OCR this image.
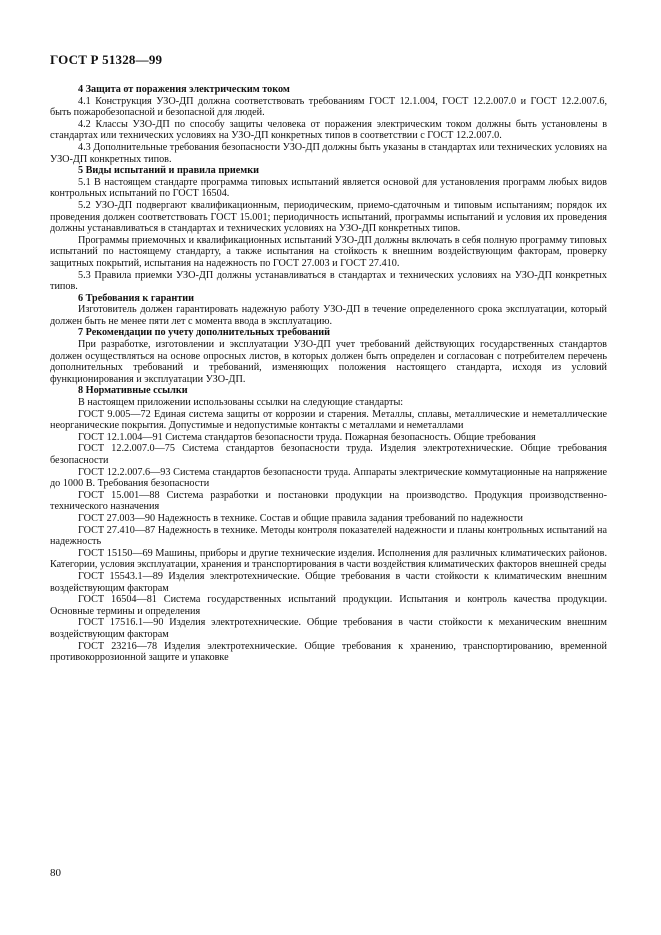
ГОСТ Р 51328—99

4 Защита от поражения электрическим током

4.1 Конструкция УЗО-ДП должна соответствовать требованиям ГОСТ 12.1.004, ГОСТ 12.2.007.0 и ГОСТ 12.2.007.6, быть пожаробезопасной и безопасной для людей.

4.2 Классы УЗО-ДП по способу защиты человека от поражения электрическим током должны быть установлены в стандартах или технических условиях на УЗО-ДП конкретных типов в соответствии с ГОСТ 12.2.007.0.

4.3 Дополнительные требования безопасности УЗО-ДП должны быть указаны в стандартах или технических условиях на УЗО-ДП конкретных типов.

5 Виды испытаний и правила приемки

5.1 В настоящем стандарте программа типовых испытаний является основой для установления программ любых видов контрольных испытаний по ГОСТ 16504.

5.2 УЗО-ДП подвергают квалификационным, периодическим, приемо-сдаточным и типовым испытаниям; порядок их проведения должен соответствовать ГОСТ 15.001; периодичность испытаний, программы испытаний и условия их проведения должны устанавливаться в стандартах и технических условиях на УЗО-ДП конкретных типов.

Программы приемочных и квалификационных испытаний УЗО-ДП должны включать в себя полную программу типовых испытаний по настоящему стандарту, а также испытания на стойкость к внешним воздействующим факторам, проверку защитных покрытий, испытания на надежность по ГОСТ 27.003 и ГОСТ 27.410.

5.3 Правила приемки УЗО-ДП должны устанавливаться в стандартах и технических условиях на УЗО-ДП конкретных типов.

6 Требования к гарантии

Изготовитель должен гарантировать надежную работу УЗО-ДП в течение определенного срока эксплуатации, который должен быть не менее пяти лет с момента ввода в эксплуатацию.

7 Рекомендации по учету дополнительных требований

При разработке, изготовлении и эксплуатации УЗО-ДП учет требований действующих государственных стандартов должен осуществляться на основе опросных листов, в которых должен быть определен и согласован с потребителем перечень дополнительных требований и требований, изменяющих положения настоящего стандарта, исходя из условий функционирования и эксплуатации УЗО-ДП.

8 Нормативные ссылки

В настоящем приложении использованы ссылки на следующие стандарты:

ГОСТ 9.005—72 Единая система защиты от коррозии и старения. Металлы, сплавы, металлические и неметаллические неорганические покрытия. Допустимые и недопустимые контакты с металлами и неметаллами

ГОСТ 12.1.004—91 Система стандартов безопасности труда. Пожарная безопасность. Общие требования

ГОСТ 12.2.007.0—75 Система стандартов безопасности труда. Изделия электротехнические. Общие требования безопасности

ГОСТ 12.2.007.6—93 Система стандартов безопасности труда. Аппараты электрические коммутационные на напряжение до 1000 В. Требования безопасности

ГОСТ 15.001—88 Система разработки и постановки продукции на производство. Продукция производственно-технического назначения

ГОСТ 27.003—90 Надежность в технике. Состав и общие правила задания требований по надежности

ГОСТ 27.410—87 Надежность в технике. Методы контроля показателей надежности и планы контрольных испытаний на надежность

ГОСТ 15150—69 Машины, приборы и другие технические изделия. Исполнения для различных климатических районов. Категории, условия эксплуатации, хранения и транспортирования в части воздействия климатических факторов внешней среды

ГОСТ 15543.1—89 Изделия электротехнические. Общие требования в части стойкости к климатическим внешним воздействующим факторам

ГОСТ 16504—81 Система государственных испытаний продукции. Испытания и контроль качества продукции. Основные термины и определения

ГОСТ 17516.1—90 Изделия электротехнические. Общие требования в части стойкости к механическим внешним воздействующим факторам

ГОСТ 23216—78 Изделия электротехнические. Общие требования к хранению, транспортированию, временной противокоррозионной защите и упаковке

80
